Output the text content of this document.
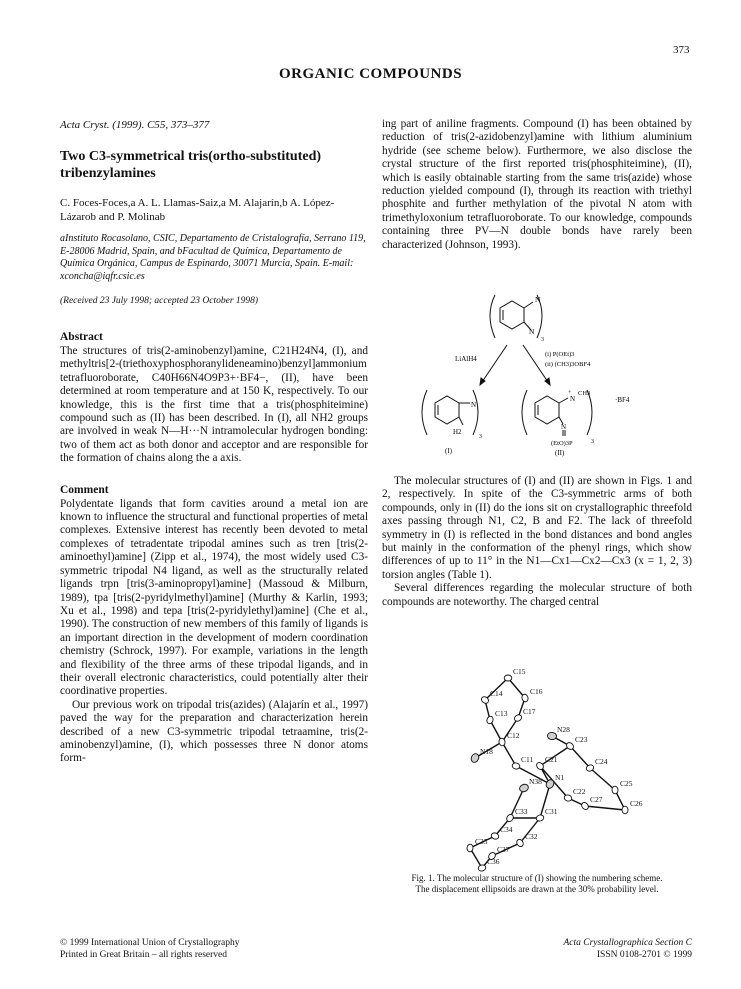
373
ORGANIC COMPOUNDS

Acta Cryst. (1999). C55, 373–377

Two C3-symmetrical tris(ortho-substituted) tribenzylamines

C. Foces-Foces,a A. L. Llamas-Saiz,a M. Alajarín,b A. López-Lázarob and P. Molinab

aInstituto Rocasolano, CSIC, Departamento de Cristalografía, Serrano 119, E-28006 Madrid, Spain, and bFacultad de Química, Departamento de Química Orgánica, Campus de Espinardo, 30071 Murcia, Spain. E-mail: xconcha@iqfr.csic.es

(Received 23 July 1998; accepted 23 October 1998)

Abstract

The structures of tris(2-aminobenzyl)amine, C21H24N4, (I), and methyltris[2-(triethoxyphosphoranylideneamino)benzyl]ammonium tetrafluoroborate, C40H66N4O9P3+·BF4−, (II), have been determined at room temperature and at 150 K, respectively. To our knowledge, this is the first time that a tris(phosphiteimine) compound such as (II) has been described. In (I), all NH2 groups are involved in weak N—H···N intramolecular hydrogen bonding: two of them act as both donor and acceptor and are responsible for the formation of chains along the a axis.

Comment

Polydentate ligands that form cavities around a metal ion are known to influence the structural and functional properties of metal complexes. Extensive interest has recently been devoted to metal complexes of tetradentate tripodal amines such as tren [tris(2-aminoethyl)amine] (Zipp et al., 1974), the most widely used C3-symmetric tripodal N4 ligand, as well as the structurally related ligands trpn [tris(3-aminopropyl)amine] (Massoud & Milburn, 1989), tpa [tris(2-pyridylmethyl)amine] (Murthy & Karlin, 1993; Xu et al., 1998) and tepa [tris(2-pyridylethyl)amine] (Che et al., 1990). The construction of new members of this family of ligands is an important direction in the development of modern coordination chemistry (Schrock, 1997). For example, variations in the length and flexibility of the three arms of these tripodal ligands, and in their overall electronic characteristics, could potentially alter their coordinative properties.

Our previous work on tripodal tris(azides) (Alajarín et al., 1997) paved the way for the preparation and characterization herein described of a new C3-symmetric tripodal tetraamine, tris(2-aminobenzyl)amine, (I), which possesses three N donor atoms form-

ing part of aniline fragments. Compound (I) has been obtained by reduction of tris(2-azidobenzyl)amine with lithium aluminium hydride (see scheme below). Furthermore, we also disclose the crystal structure of the first reported tris(phosphiteimine), (II), which is easily obtainable starting from the same tris(azide) whose reduction yielded compound (I), through its reaction with triethyl phosphite and further methylation of the pivotal N atom with trimethyloxonium tetrafluoroborate. To our knowledge, compounds containing three PV—N double bonds have rarely been characterized (Johnson, 1993).

N
N
3
LiAlH4
(i) P(OEt)3
(ii) (CH3)3OBF4
N
H2
3
(I)
+
N
CH3
·BF4
N
(EtO)3P	3
(II)

The molecular structures of (I) and (II) are shown in Figs. 1 and 2, respectively. In spite of the C3-symmetric arms of both compounds, only in (II) do the ions sit on crystallographic threefold axes passing through N1, C2, B and F2. The lack of threefold symmetry in (I) is reflected in the bond distances and bond angles but mainly in the conformation of the phenyl rings, which show differences of up to 11° in the N1—Cx1—Cx2—Cx3 (x = 1, 2, 3) torsion angles (Table 1).

Several differences regarding the molecular structure of both compounds are noteworthy. The charged central

C15
C14	C16
C13 C17
N28
C23
C12
N18
C24
C11 C21
C25
N1
N38
C22
C27	C26
C33 C31
C34
C32
C35
C37
C36
Fig. 1. The molecular structure of (I) showing the numbering scheme.
The displacement ellipsoids are drawn at the 30% probability level.
© 1999 International Union of Crystallography
Printed in Great Britain – all rights reserved
Acta Crystallographica Section C
ISSN 0108-2701 © 1999
